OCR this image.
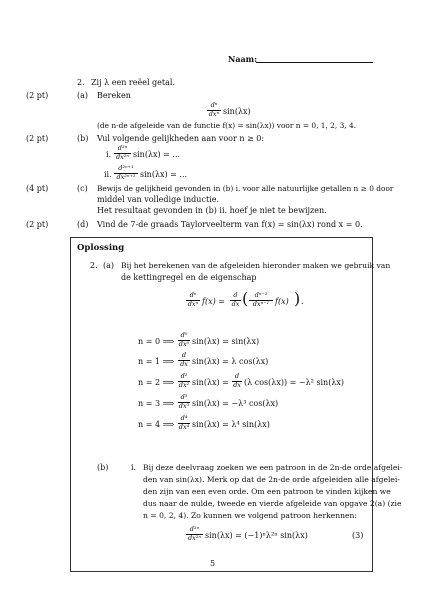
Naam:
2. Zij λ een reëel getal.
(2 pt)	(a) Bereken
dⁿ
dxⁿ sin(λx)
(de n-de afgeleide van de functie f(x) = sin(λx)) voor n = 0, 1, 2, 3, 4.
(2 pt)	(b) Vul volgende gelijkheden aan voor n ≥ 0:
i.
d²ⁿ
dx²ⁿ sin(λx) = ...
ii.
d²ⁿ⁺¹
dx²ⁿ⁺¹ sin(λx) = ...
(4 pt)	(c) Bewijs de gelijkheid gevonden in (b) i. voor alle natuurlijke getallen n ≥ 0 door
middel van volledige inductie.
Het resultaat gevonden in (b) ii. hoef je niet te bewijzen.
(2 pt)	(d) Vind de 7-de graads Taylorveelterm van f(x) = sin(λx) rond x = 0.
Oplossing
2. (a) Bij het berekenen van de afgeleiden hieronder maken we gebruik van
de kettingregel en de eigenschap
dⁿ
dxⁿ f(x) =
d
dx ( dⁿ⁻¹
dxⁿ⁻¹ f(x) ) .
n = 0 ⟹
d⁰
dx⁰ sin(λx) = sin(λx)
n = 1 ⟹
d
dx sin(λx) = λ cos(λx)
n = 2 ⟹
d²
dx² sin(λx) =
d
dx (λ cos(λx)) = −λ² sin(λx)
n = 3 ⟹
d³
dx³ sin(λx) = −λ³ cos(λx)
n = 4 ⟹
d⁴
dx⁴ sin(λx) = λ⁴ sin(λx)
(b)	i. Bij deze deelvraag zoeken we een patroon in de 2n-de orde afgelei-
den van sin(λx). Merk op dat de 2n-de orde afgeleiden alle afgelei-
den zijn van een even orde. Om een patroon te vinden kijken we
dus naar de nulde, tweede en vierde afgeleide van opgave 2(a) (zie
n = 0, 2, 4). Zo kunnen we volgend patroon herkennen:
d²ⁿ
dx²ⁿ sin(λx) = (−1)ⁿλ²ⁿ sin(λx)	(3)
5
